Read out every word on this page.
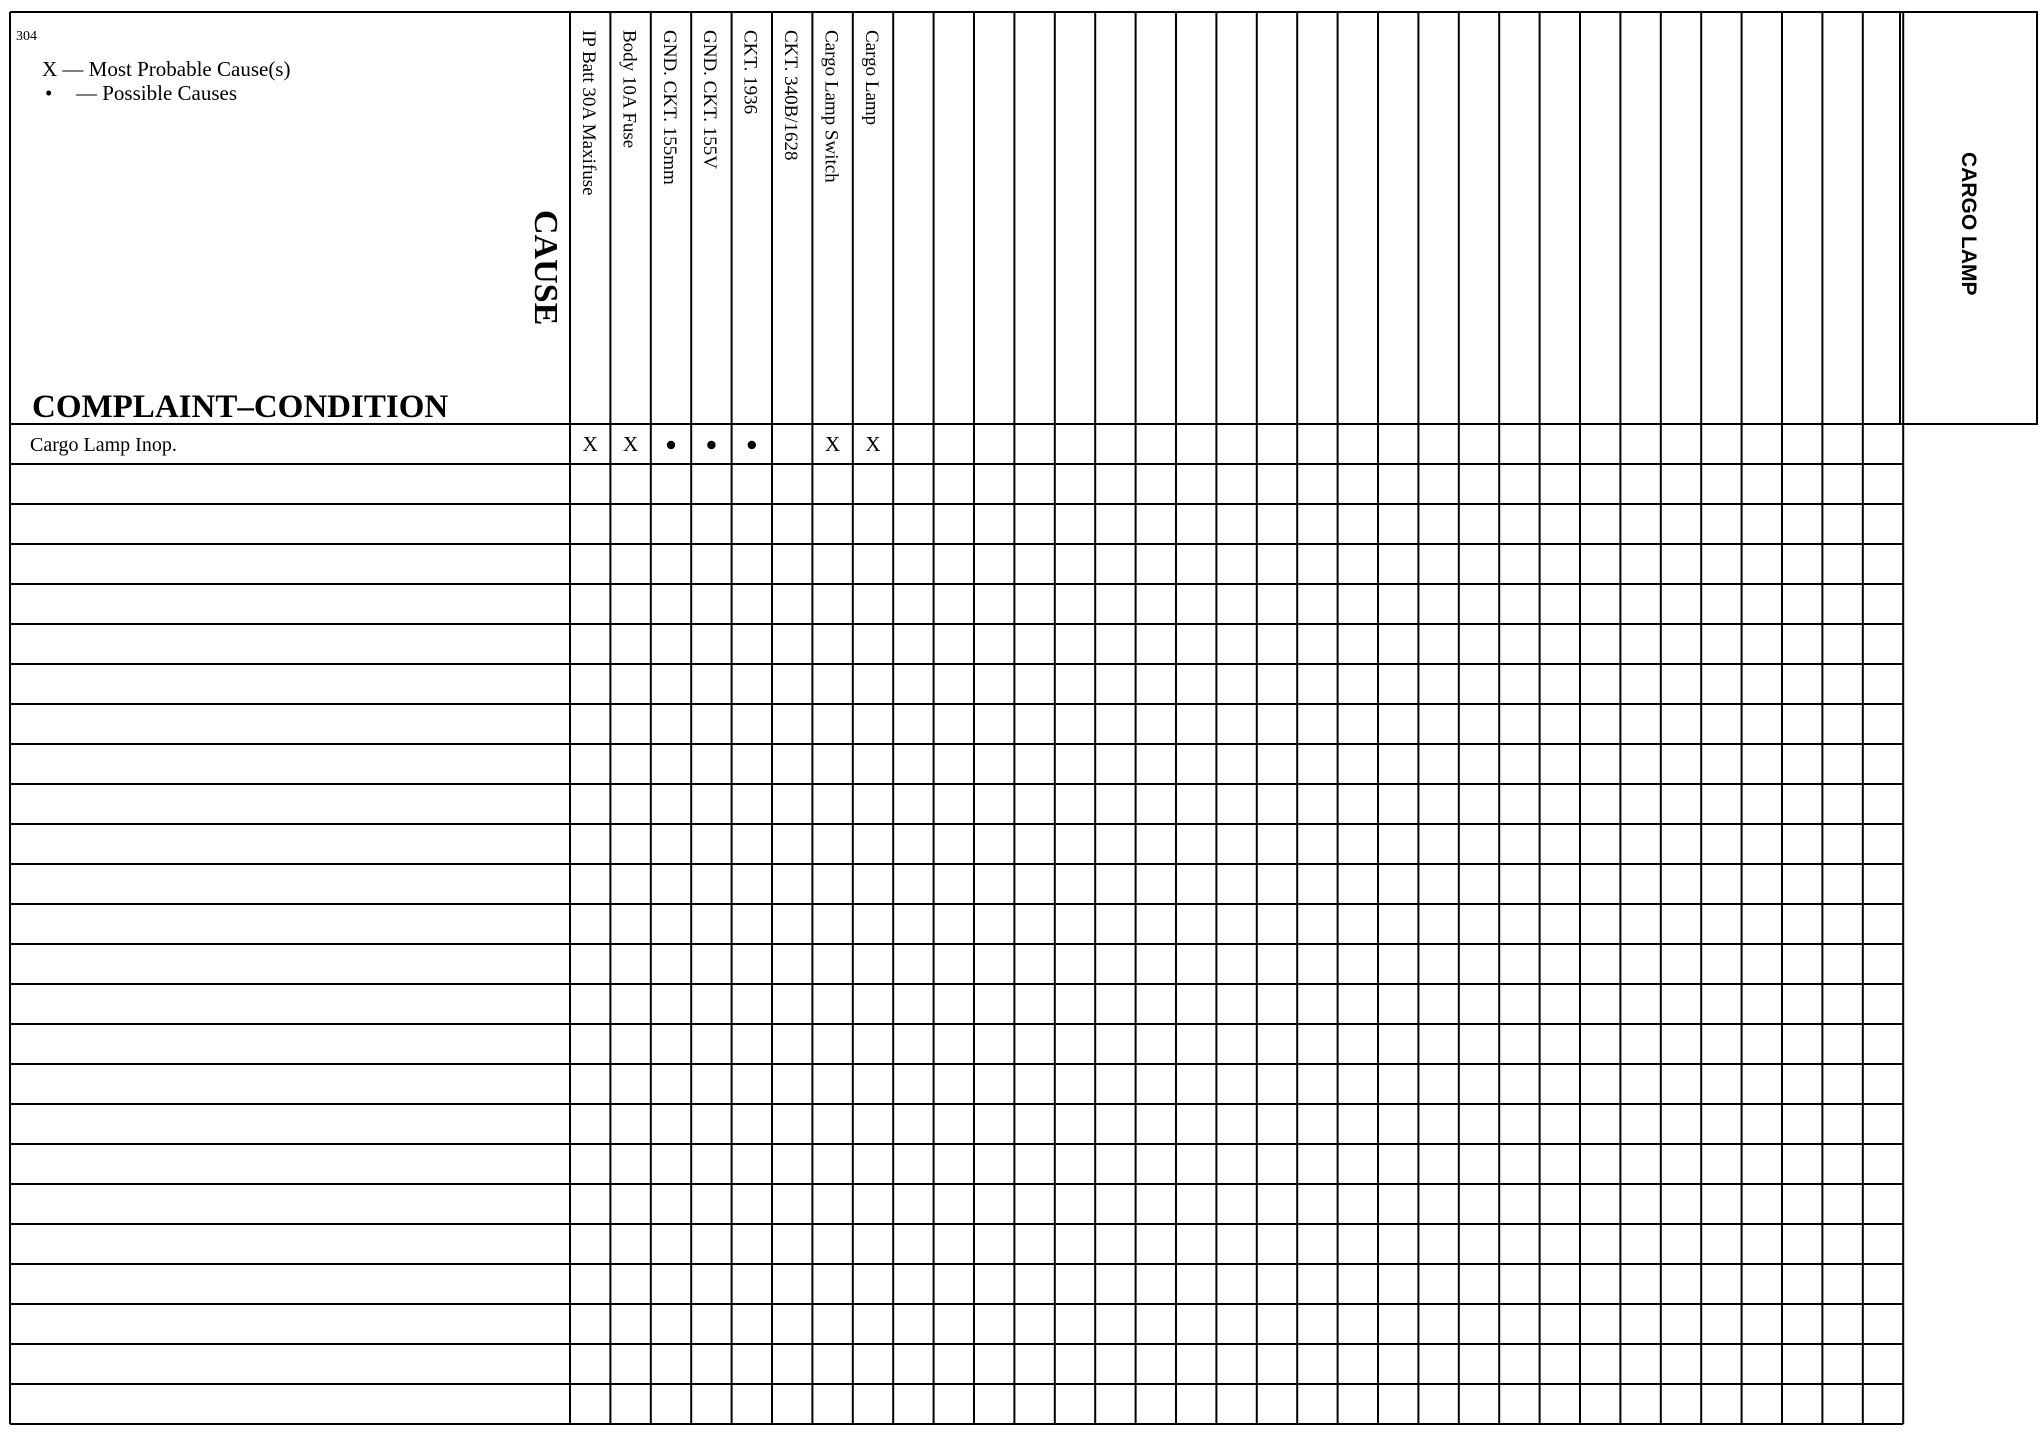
304
X — Most Probable Cause(s)
• — Possible Causes
COMPLAINT–CONDITION
CAUSE	CARGO LAMP
IP Batt 30A Maxifuse Body 10A Fuse GND. CKT. 155mm GND. CKT. 155V CKT. 1936 CKT. 340B/1628 Cargo Lamp Switch Cargo Lamp
X X	X X
Cargo Lamp Inop.
